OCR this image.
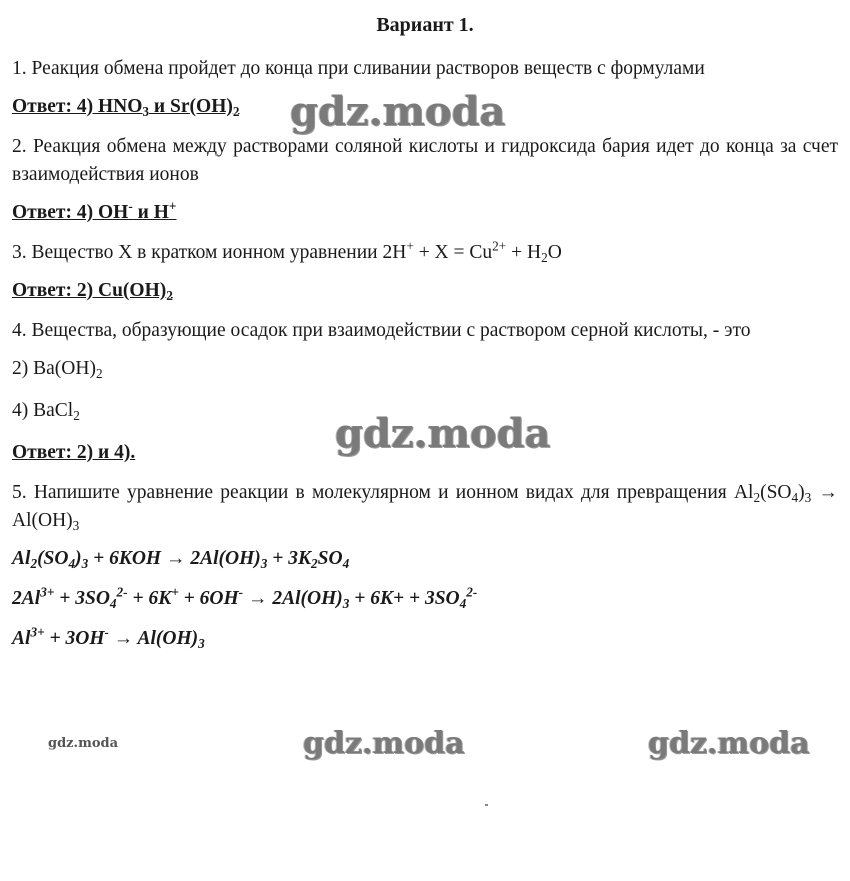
Вариант 1.
1. Реакция обмена пройдет до конца при сливании растворов веществ с формулами
Ответ: 4) $HNO_3$ и $Sr(OH)_2$
2. Реакция обмена между растворами соляной кислоты и гидроксида бария идет до конца за счет взаимодействия ионов
Ответ: 4) OH- и H+
3. Вещество X в кратком ионном уравнении $2H^+ + X = Cu^{2+} + H_2O$
Ответ: 2) $Cu(OH)_2$
4. Вещества, образующие осадок при взаимодействии с раствором серной кислоты, - это
2) $Ba(OH)_2$
4) BaCl$_2$
Ответ: 2) и 4).
5. Напишите уравнение реакции в молекулярном и ионном видах для превращения $Al_2(SO_4)_3 \to Al(OH)_3$
$Al_2(SO_4)_3 + 6KOH \to 2Al(OH)_3 + 3K_2SO_4$
$2Al^{3+} + 3SO_4^{2-} + 6K^+ + 6OH^- \to 2Al(OH)_3 + 6K+ + 3SO_4^{2-}$
$Al^{3+} + 3OH^- \to Al(OH)_3$
gdz.moda
gdz.moda
gdz.moda	gdz.moda
gdz.moda
